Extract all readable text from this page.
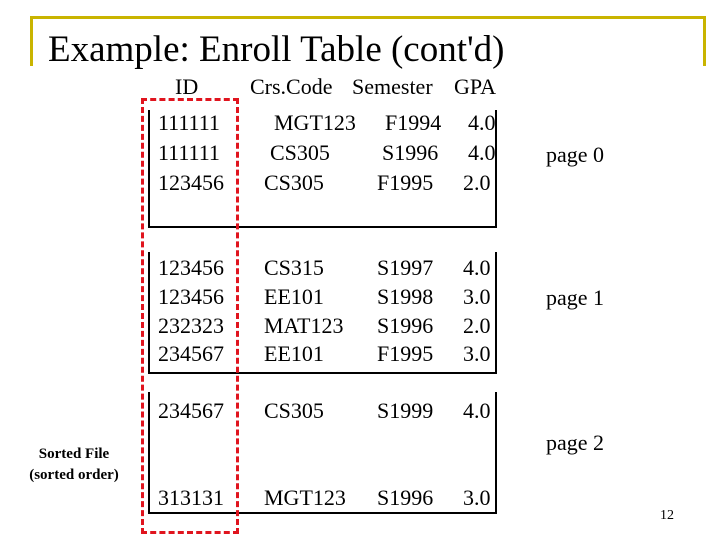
Example: Enroll Table (cont'd)
ID Crs.Code Semester GPA
111111 MGT123 F1994 4.0
111111 CS305 S1996 4.0
123456 CS305 F1995 2.0
123456 CS315 S1997 4.0
123456 EE101 S1998 3.0
232323 MAT123 S1996 2.0
234567 EE101 F1995 3.0
234567 CS305 S1999 4.0
313131 MGT123 S1996 3.0
page 0
page 1
page 2
Sorted File
(sorted order)
12
